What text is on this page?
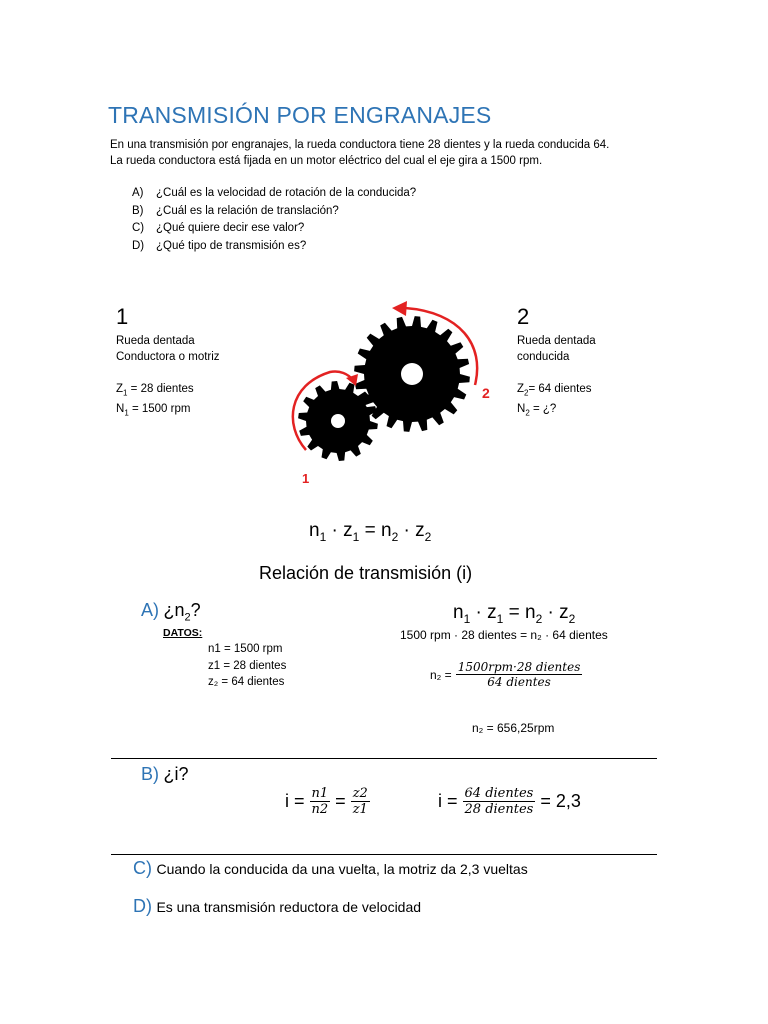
TRANSMISIÓN POR ENGRANAJES

En una transmisión por engranajes, la rueda conductora tiene 28 dientes y la rueda conducida 64.

La rueda conductora está fijada en un motor eléctrico del cual el eje gira a 1500 rpm.

A) ¿Cuál es la velocidad de rotación de la conducida?
B) ¿Cuál es la relación de translación?
C) ¿Qué quiere decir ese valor?
D) ¿Qué tipo de transmisión es?
1
Rueda dentada
Conductora o motriz
$Z_1 = 28$ dientes
$N_1 = 1500$ rpm
2
Rueda dentada
conducida
$Z_2= 64$ dientes
$N_2$ = ¿?
1
2
$n_1 \cdot z_1 = n_2 \cdot z_2$
Relación de transmisión (i)
A) ¿$n_2$?
DATOS:
n1 = 1500 rpm
z1 = 28 dientes
z₂ = 64 dientes
$n_1 \cdot z_1 = n_2 \cdot z_2$
1500 rpm · 28 dientes = n₂ · 64 dientes
$n_2 = \frac{\text{1500rpm·28 dientes}}{\text{64 dientes}}$
n₂ = 656,25rpm
B) ¿i?
$i = \frac{n1}{n2} = \frac{z2}{z1}$	$i = \frac{\text{64 dientes}}{\text{28 dientes}} = 2,3$
C) Cuando la conducida da una vuelta, la motriz da 2,3 vueltas
D) Es una transmisión reductora de velocidad
